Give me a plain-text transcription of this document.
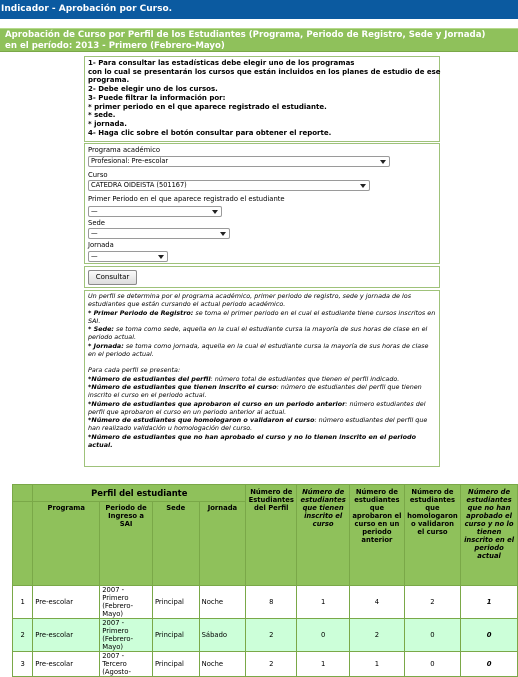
Indicador - Aprobación por Curso.
Aprobación de Curso por Perfil de los Estudiantes (Programa, Periodo de Registro, Sede y Jornada)
en el período: 2013 - Primero (Febrero-Mayo)
1- Para consultar las estadísticas debe elegir uno de los programas
con lo cual se presentarán los cursos que están incluidos en los planes de estudio de ese
programa.
2- Debe elegir uno de los cursos.
3- Puede filtrar la información por:
* primer periodo en el que aparece registrado el estudiante.
* sede.
* jornada.
4- Haga clic sobre el botón consultar para obtener el reporte.
Programa académico
Profesional: Pre-escolar
Curso
CATEDRA OIDEISTA (501167)
Primer Periodo en el que aparece registrado el estudiante
—
Sede
—
Jornada
—
Consultar
Un perfil se determina por el programa académico, primer periodo de registro, sede y jornada de los estudiantes que están cursando el actual periodo académico.
* Primer Periodo de Registro: se toma el primer periodo en el cual el estudiante tiene cursos inscritos en SAI.
* Sede: se toma como sede, aquella en la cual el estudiante cursa la mayoría de sus horas de clase en el periodo actual.
* Jornada: se toma como jornada, aquella en la cual el estudiante cursa la mayoría de sus horas de clase en el periodo actual.
Para cada perfil se presenta:
*Número de estudiantes del perfil: número total de estudiantes que tienen el perfil indicado.
*Número de estudiantes que tienen inscrito el curso: número de estudiantes del perfil que tienen inscrito el curso en el periodo actual.
*Número de estudiantes que aprobaron el curso en un periodo anterior: número estudiantes del perfil que aprobaron el curso en un periodo anterior al actual.
*Número de estudiantes que homologaron o validaron el curso: número estudiantes del perfil que han realizado validación u homologación del curso.
*Número de estudiantes que no han aprobado el curso y no lo tienen inscrito en el periodo actual.
	Perfil del estudiante				Número de Estudiantes del Perfil	Número de estudiantes que tienen inscrito el curso	Número de estudiantes que aprobaron el curso en un periodo anterior	Número de estudiantes que homologaron o validaron el curso	Número de estudiantes que no han aprobado el curso y no lo tienen inscrito en el periodo actual
	Programa	Periodo de Ingreso a SAI	Sede	Jornada					
1	Pre-escolar	2007 - Primero (Febrero-Mayo)	Principal	Noche	8	1	4	2	1
2	Pre-escolar	2007 - Primero (Febrero-Mayo)	Principal	Sábado	2	0	2	0	0
3	Pre-escolar	2007 - Tercero (Agosto-	Principal	Noche	2	1	1	0	0
